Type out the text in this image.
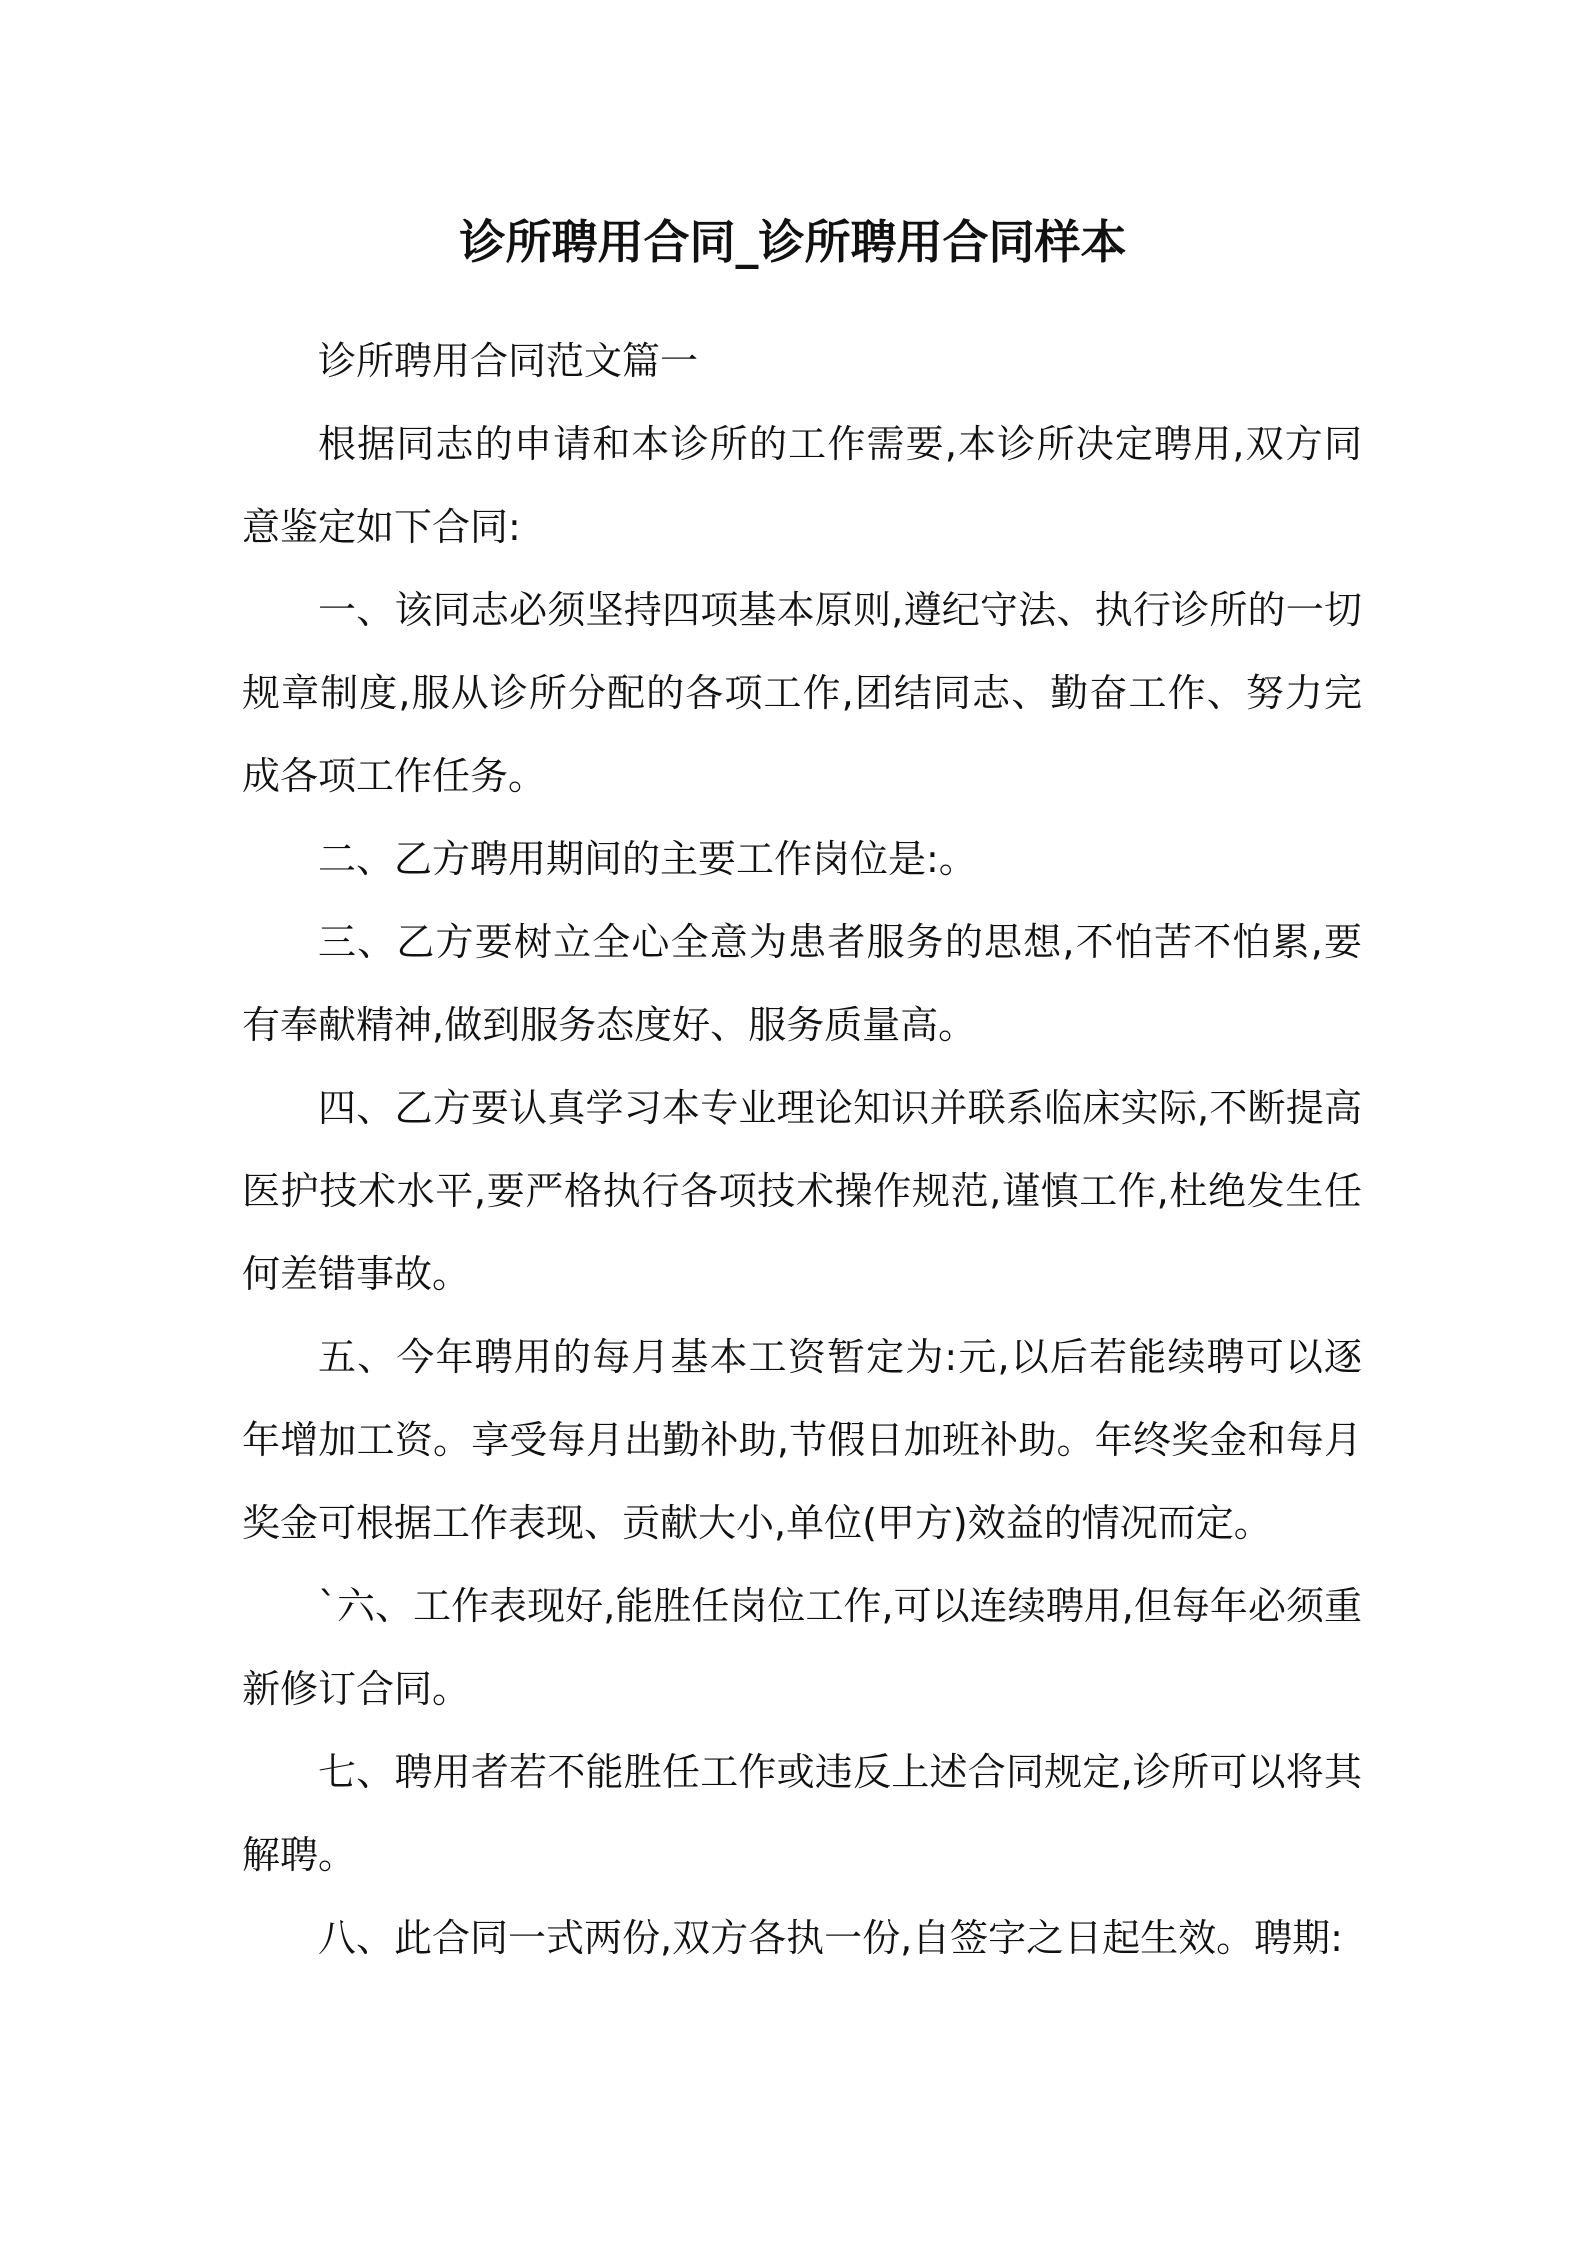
诊所聘用合同_诊所聘用合同样本

诊所聘用合同范文篇一

根据同志的申请和本诊所的工作需要,本诊所决定聘用,双方同意鉴定如下合同:

一、该同志必须坚持四项基本原则,遵纪守法、执行诊所的一切规章制度,服从诊所分配的各项工作,团结同志、勤奋工作、努力完成各项工作任务。

二、乙方聘用期间的主要工作岗位是:。

三、乙方要树立全心全意为患者服务的思想,不怕苦不怕累,要有奉献精神,做到服务态度好、服务质量高。

四、乙方要认真学习本专业理论知识并联系临床实际,不断提高医护技术水平,要严格执行各项技术操作规范,谨慎工作,杜绝发生任何差错事故。

五、今年聘用的每月基本工资暂定为:元,以后若能续聘可以逐年增加工资。享受每月出勤补助,节假日加班补助。年终奖金和每月奖金可根据工作表现、贡献大小,单位(甲方)效益的情况而定。

`六、工作表现好,能胜任岗位工作,可以连续聘用,但每年必须重新修订合同。

七、聘用者若不能胜任工作或违反上述合同规定,诊所可以将其解聘。

八、此合同一式两份,双方各执一份,自签字之日起生效。聘期:
